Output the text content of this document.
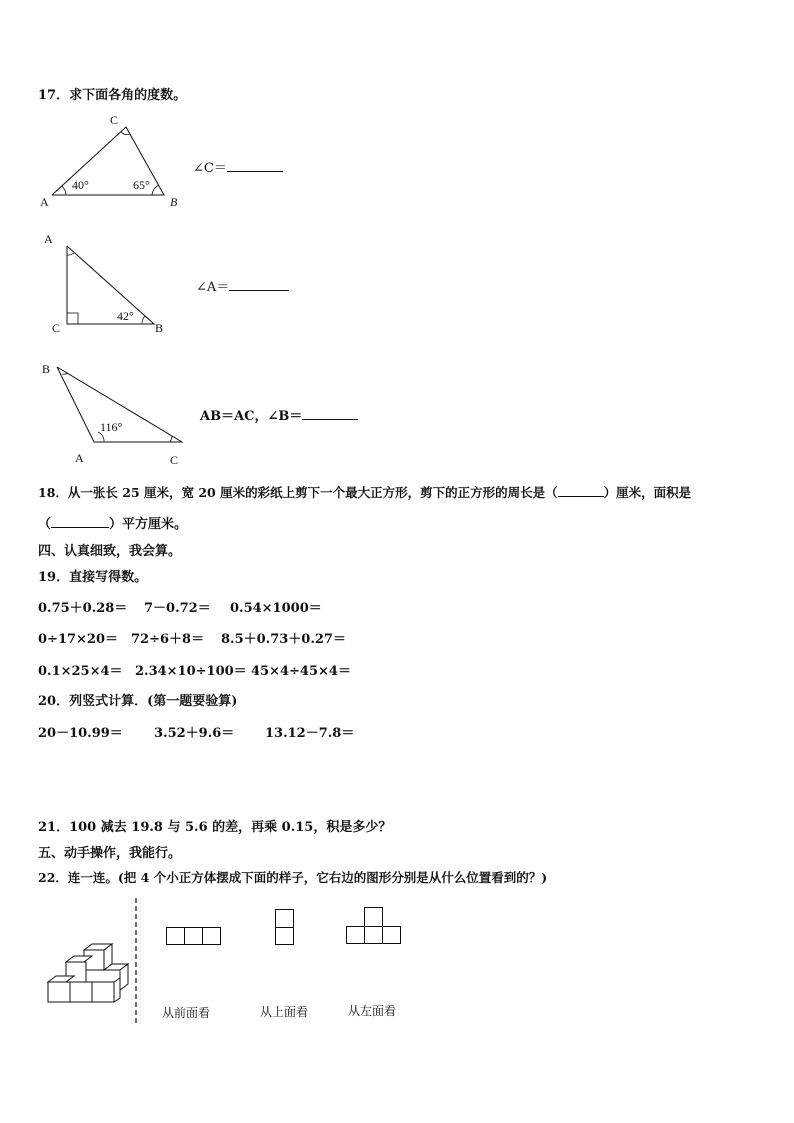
17．求下面各角的度数。
C
A	B
40°	65°
∠C＝
A
C	B
42°
∠A＝
B
A	C
116°
AB＝AC，∠B＝
18．从一张长 25 厘米，宽 20 厘米的彩纸上剪下一个最大正方形，剪下的正方形的周长是（	）厘米，面积是
（	）平方厘米。
四、认真细致，我会算。
19．直接写得数。
0.75＋0.28＝ 7－0.72＝ 0.54×1000＝
0÷17×20＝ 72÷6＋8＝ 8.5＋0.73＋0.27＝
0.1×25×4＝ 2.34×10÷100＝ 45×4÷45×4＝
20．列竖式计算．(第一题要验算)
20－10.99＝ 3.52＋9.6＝ 13.12－7.8＝
21．100 减去 19.8 与 5.6 的差，再乘 0.15，积是多少？
五、动手操作，我能行。
22．连一连。(把 4 个小正方体摆成下面的样子，它右边的图形分别是从什么位置看到的？)
从前面看	从上面看	从左面看
